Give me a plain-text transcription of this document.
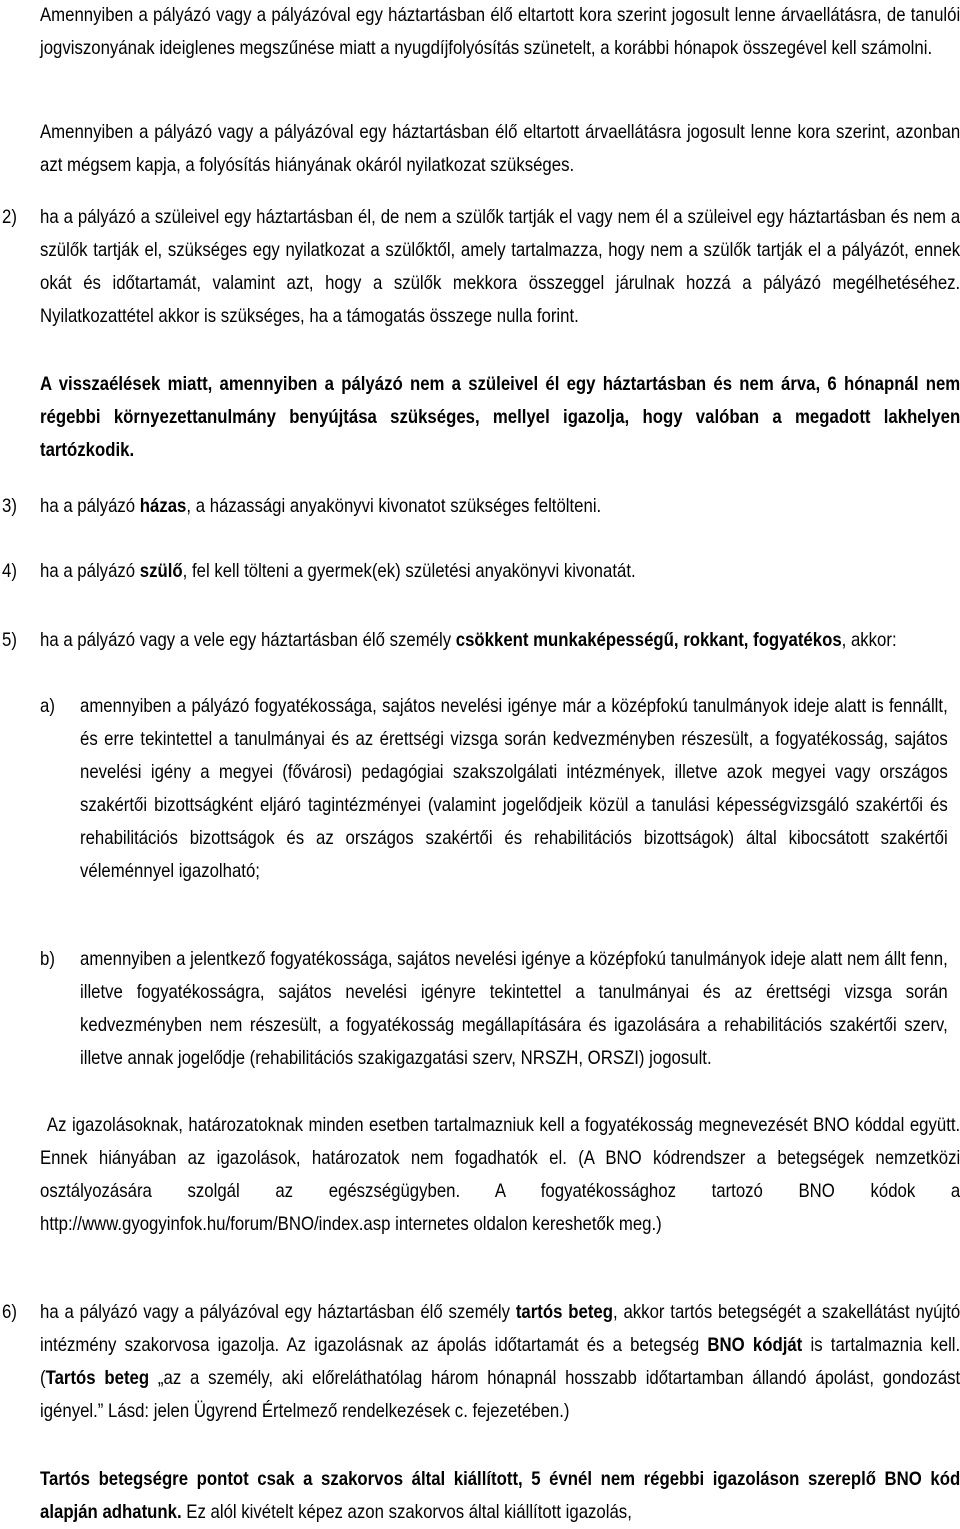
Amennyiben a pályázó vagy a pályázóval egy háztartásban élő eltartott kora szerint jogosult lenne árvaellátásra, de tanulói jogviszonyának ideiglenes megszűnése miatt a nyugdíjfolyósítás szünetelt, a korábbi hónapok összegével kell számolni.
Amennyiben a pályázó vagy a pályázóval egy háztartásban élő eltartott árvaellátásra jogosult lenne kora szerint, azonban azt mégsem kapja, a folyósítás hiányának okáról nyilatkozat szükséges.
2) ha a pályázó a szüleivel egy háztartásban él, de nem a szülők tartják el vagy nem él a szüleivel egy háztartásban és nem a szülők tartják el, szükséges egy nyilatkozat a szülőktől, amely tartalmazza, hogy nem a szülők tartják el a pályázót, ennek okát és időtartamát, valamint azt, hogy a szülők mekkora összeggel járulnak hozzá a pályázó megélhetéséhez. Nyilatkozattétel akkor is szükséges, ha a támogatás összege nulla forint.
A visszaélések miatt, amennyiben a pályázó nem a szüleivel él egy háztartásban és nem árva, 6 hónapnál nem régebbi környezettanulmány benyújtása szükséges, mellyel igazolja, hogy valóban a megadott lakhelyen tartózkodik.
3) ha a pályázó házas, a házassági anyakönyvi kivonatot szükséges feltölteni.
4) ha a pályázó szülő, fel kell tölteni a gyermek(ek) születési anyakönyvi kivonatát.
5) ha a pályázó vagy a vele egy háztartásban élő személy csökkent munkaképességű, rokkant, fogyatékos, akkor:
a) amennyiben a pályázó fogyatékossága, sajátos nevelési igénye már a középfokú tanulmányok ideje alatt is fennállt, és erre tekintettel a tanulmányai és az érettségi vizsga során kedvezményben részesült, a fogyatékosság, sajátos nevelési igény a megyei (fővárosi) pedagógiai szakszolgálati intézmények, illetve azok megyei vagy országos szakértői bizottságként eljáró tagintézményei (valamint jogelődjeik közül a tanulási képességvizsgáló szakértői és rehabilitációs bizottságok és az országos szakértői és rehabilitációs bizottságok) által kibocsátott szakértői véleménnyel igazolható;
b) amennyiben a jelentkező fogyatékossága, sajátos nevelési igénye a középfokú tanulmányok ideje alatt nem állt fenn, illetve fogyatékosságra, sajátos nevelési igényre tekintettel a tanulmányai és az érettségi vizsga során kedvezményben nem részesült, a fogyatékosság megállapítására és igazolására a rehabilitációs szakértői szerv, illetve annak jogelődje (rehabilitációs szakigazgatási szerv, NRSZH, ORSZI) jogosult.
Az igazolásoknak, határozatoknak minden esetben tartalmazniuk kell a fogyatékosság megnevezését BNO kóddal együtt. Ennek hiányában az igazolások, határozatok nem fogadhatók el. (A BNO kódrendszer a betegségek nemzetközi osztályozására szolgál az egészségügyben. A fogyatékossághoz tartozó BNO kódok a http://www.gyogyinfok.hu/forum/BNO/index.asp internetes oldalon kereshetők meg.)
6) ha a pályázó vagy a pályázóval egy háztartásban élő személy tartós beteg, akkor tartós betegségét a szakellátást nyújtó intézmény szakorvosa igazolja. Az igazolásnak az ápolás időtartamát és a betegség BNO kódját is tartalmaznia kell. (Tartós beteg „az a személy, aki előreláthatólag három hónapnál hosszabb időtartamban állandó ápolást, gondozást igényel.” Lásd: jelen Ügyrend Értelmező rendelkezések c. fejezetében.)
Tartós betegségre pontot csak a szakorvos által kiállított, 5 évnél nem régebbi igazoláson szereplő BNO kód alapján adhatunk. Ez alól kivételt képez azon szakorvos által kiállított igazolás,
